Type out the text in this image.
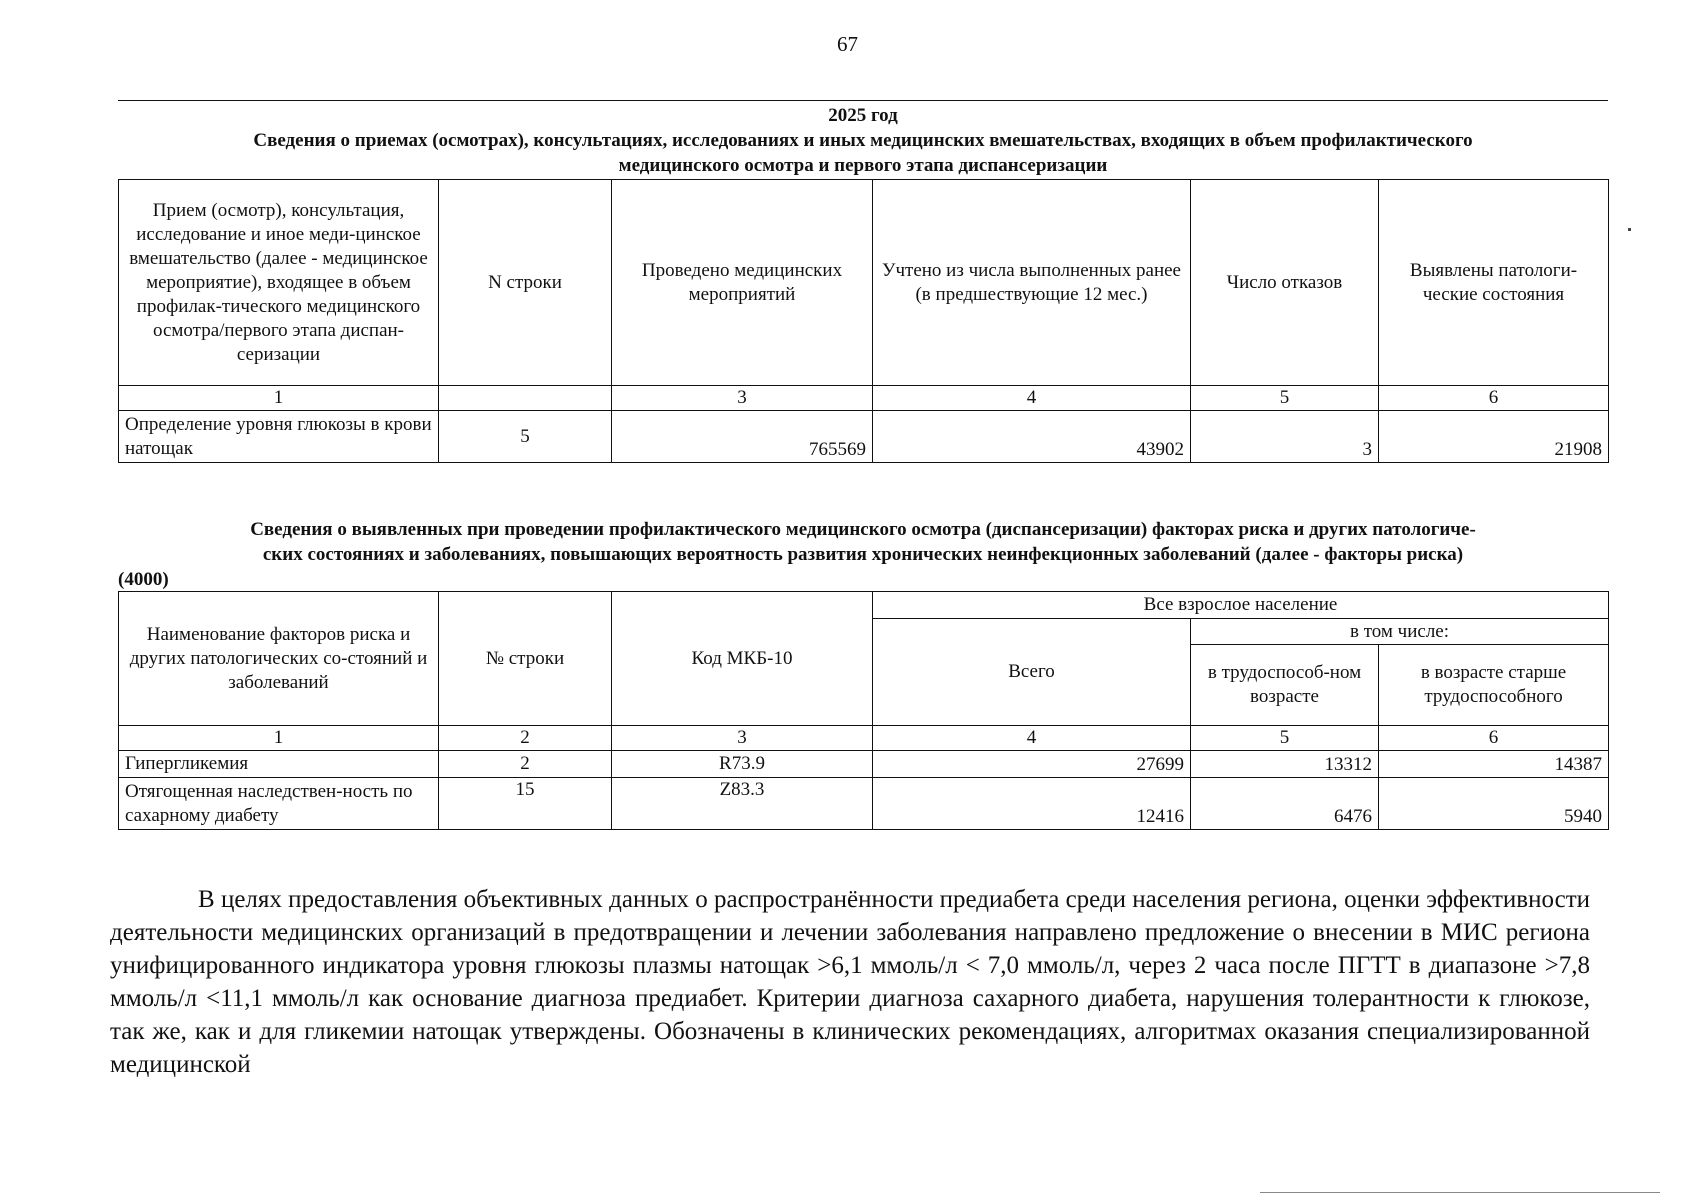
67
2025 год
Сведения о приемах (осмотрах), консультациях, исследованиях и иных медицинских вмешательствах, входящих в объем профилактического
медицинского осмотра и первого этапа диспансеризации
Прием (осмотр), консультация, исследование и иное меди-цинское вмешательство (далее - медицинское мероприятие), входящее в объем профилак-тического медицинского осмотра/первого этапа диспан-серизации	N строки	Проведено медицинских мероприятий	Учтено из числа выполненных ранее (в предшествующие 12 мес.)	Число отказов	Выявлены патологи-ческие состояния
1		3	4	5	6
Определение уровня глюкозы в крови натощак	5	765569	43902	3	21908
Сведения о выявленных при проведении профилактического медицинского осмотра (диспансеризации) факторах риска и других патологиче-
ских состояниях и заболеваниях, повышающих вероятность развития хронических неинфекционных заболеваний (далее - факторы риска)
(4000)
Наименование факторов риска и других патологических со-стояний и заболеваний	№ строки	Код МКБ-10	Все взрослое население		
			Всего	в том числе:	
				в трудоспособ-ном возрасте	в возрасте старше трудоспособного
1	2	3	4	5	6
Гипергликемия	2	R73.9	27699	13312	14387
Отягощенная наследствен-ность по сахарному диабету	15	Z83.3	12416	6476	5940
В целях предоставления объективных данных о распространённости предиабета среди населения региона, оценки эффективности деятельности медицинских организаций в предотвращении и лечении заболевания направлено предложение о внесении в МИС региона унифицированного индикатора уровня глюкозы плазмы натощак >6,1 ммоль/л < 7,0 ммоль/л, через 2 часа после ПГТТ в диапазоне >7,8 ммоль/л <11,1 ммоль/л как основание диагноза предиабет. Критерии диагноза сахарного диабета, нарушения толерантности к глюкозе, так же, как и для гликемии натощак утверждены. Обозначены в клинических рекомендациях, алгоритмах оказания специализированной медицинской
